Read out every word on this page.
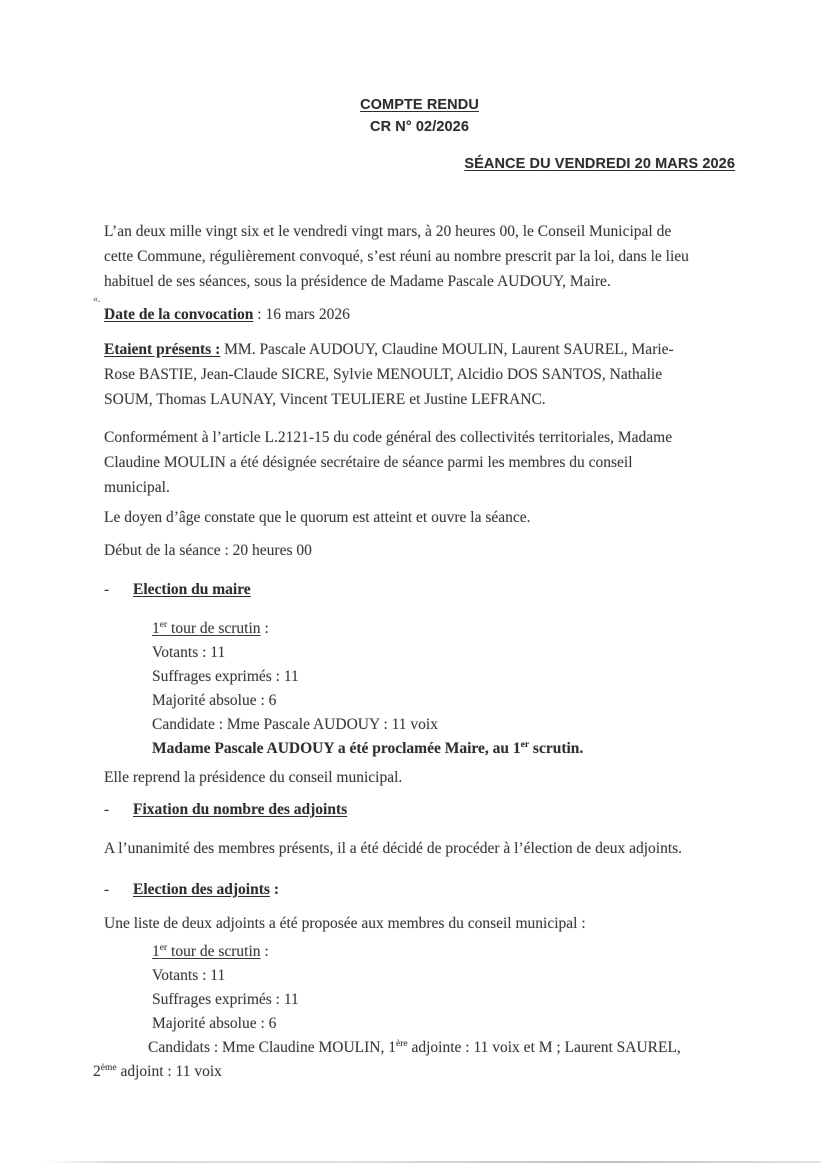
COMPTE RENDU
CR N° 02/2026
SÉANCE DU VENDREDI 20 MARS 2026
L’an deux mille vingt six et le vendredi vingt mars, à 20 heures 00, le Conseil Municipal de
cette Commune, régulièrement convoqué, s’est réuni au nombre prescrit par la loi, dans le lieu
habituel de ses séances, sous la présidence de Madame Pascale AUDOUY, Maire.
Date de la convocation : 16 mars 2026
Etaient présents : MM. Pascale AUDOUY, Claudine MOULIN, Laurent SAUREL, Marie-
Rose BASTIE, Jean-Claude SICRE, Sylvie MENOULT, Alcidio DOS SANTOS, Nathalie
SOUM, Thomas LAUNAY, Vincent TEULIERE et Justine LEFRANC.
Conformément à l’article L.2121-15 du code général des collectivités territoriales, Madame
Claudine MOULIN a été désignée secrétaire de séance parmi les membres du conseil
municipal.
Le doyen d’âge constate que le quorum est atteint et ouvre la séance.
Début de la séance : 20 heures 00
- Election du maire
1er tour de scrutin :
Votants : 11
Suffrages exprimés : 11
Majorité absolue : 6
Candidate : Mme Pascale AUDOUY : 11 voix
Madame Pascale AUDOUY a été proclamée Maire, au 1er scrutin.
Elle reprend la présidence du conseil municipal.
- Fixation du nombre des adjoints
A l’unanimité des membres présents, il a été décidé de procéder à l’élection de deux adjoints.
- Election des adjoints :
Une liste de deux adjoints a été proposée aux membres du conseil municipal :
1er tour de scrutin :
Votants : 11
Suffrages exprimés : 11
Majorité absolue : 6
Candidats : Mme Claudine MOULIN, 1ère adjointe : 11 voix et M ; Laurent SAUREL,
2ème adjoint : 11 voix
«.
